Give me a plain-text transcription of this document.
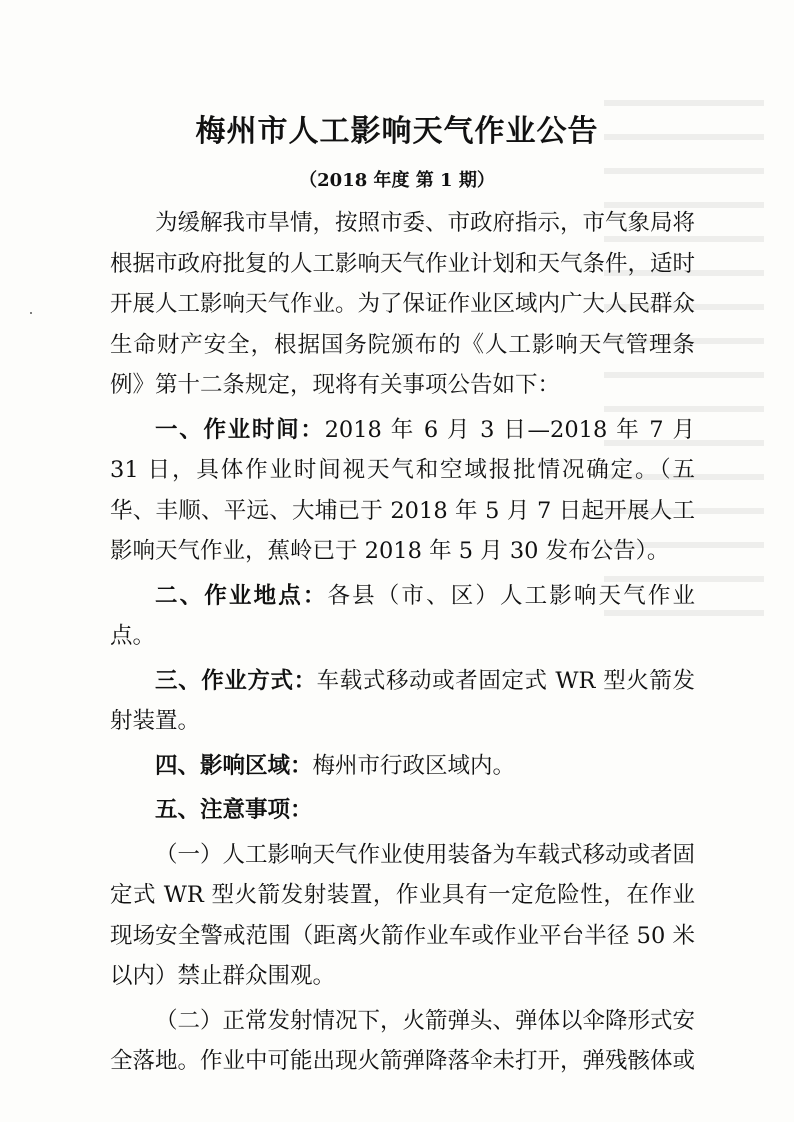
梅州市人工影响天气作业公告
（2018 年度 第 1 期）

为缓解我市旱情，按照市委、市政府指示，市气象局将根据市政府批复的人工影响天气作业计划和天气条件，适时开展人工影响天气作业。为了保证作业区域内广大人民群众生命财产安全，根据国务院颁布的《人工影响天气管理条例》第十二条规定，现将有关事项公告如下：

一、作业时间：2018 年 6 月 3 日—2018 年 7 月 31 日，具体作业时间视天气和空域报批情况确定。（五华、丰顺、平远、大埔已于 2018 年 5 月 7 日起开展人工影响天气作业，蕉岭已于 2018 年 5 月 30 发布公告）。

二、作业地点：各县（市、区）人工影响天气作业点。

三、作业方式：车载式移动或者固定式 WR 型火箭发射装置。

四、影响区域：梅州市行政区域内。

五、注意事项：

（一）人工影响天气作业使用装备为车载式移动或者固定式 WR 型火箭发射装置，作业具有一定危险性，在作业现场安全警戒范围（距离火箭作业车或作业平台半径 50 米以内）禁止群众围观。

（二）正常发射情况下，火箭弹头、弹体以伞降形式安全落地。作业中可能出现火箭弹降落伞未打开，弹残骸体或
